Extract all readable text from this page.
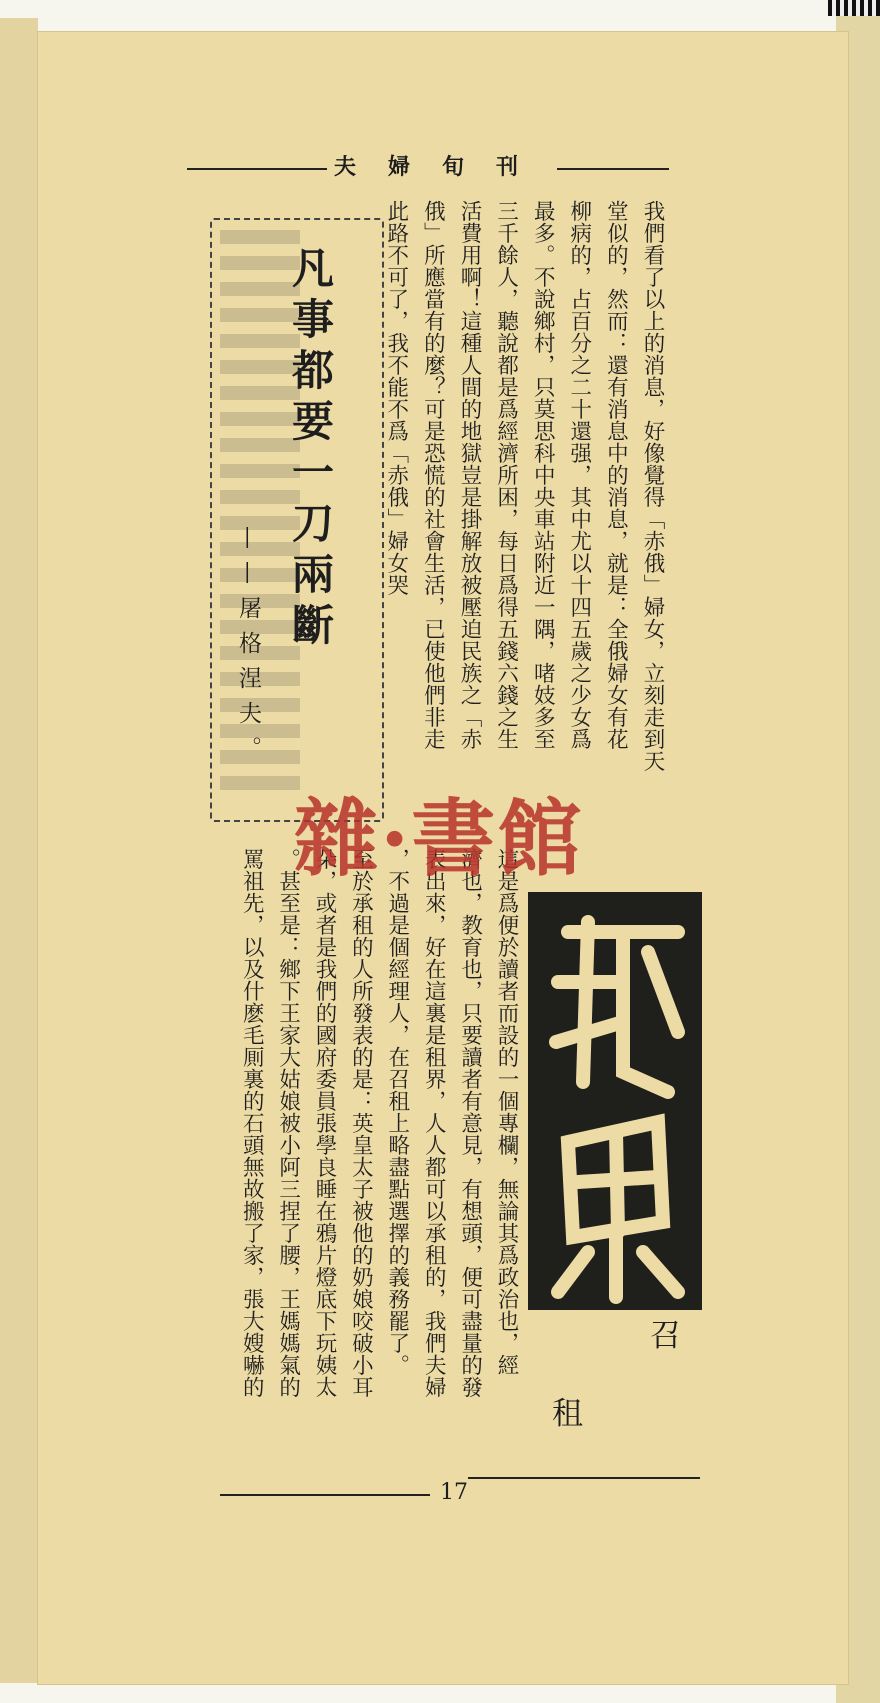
夫婦旬刊
我們看了以上的消息，好像覺得「赤俄」婦女，立刻走到天
堂似的，然而：還有消息中的消息，就是：全俄婦女有花
柳病的，占百分之二十還强，其中尤以十四五歲之少女爲
最多。不說鄉村，只莫思科中央車站附近一隅，啫妓多至
三千餘人，聽說都是爲經濟所困，每日爲得五錢六錢之生
活費用啊！這種人間的地獄豈是掛解放被壓迫民族之「赤
俄」所應當有的麼？可是恐慌的社會生活，已使他們非走
此路不可了，我不能不爲「赤俄」婦女哭
凡事都要一刀兩斷
——屠格涅夫。
這是爲便於讀者而設的一個專欄，無論其爲政治也，經
濟也，教育也，只要讀者有意見，有想頭，便可盡量的發
表出來，好在這裏是租界，人人都可以承租的，我們夫婦
，不過是個經理人，在召租上略盡點選擇的義務罷了。
至於承租的人所發表的是：英皇太子被他的奶娘咬破小耳
朵，或者是我們的國府委員張學良睡在鴉片燈底下玩姨太
。甚至是：鄉下王家大姑娘被小阿三捏了腰，王媽媽氣的
罵祖先，以及什麽毛厠裏的石頭無故搬了家，張大嫂嚇的	召
租
17
雜·書館
